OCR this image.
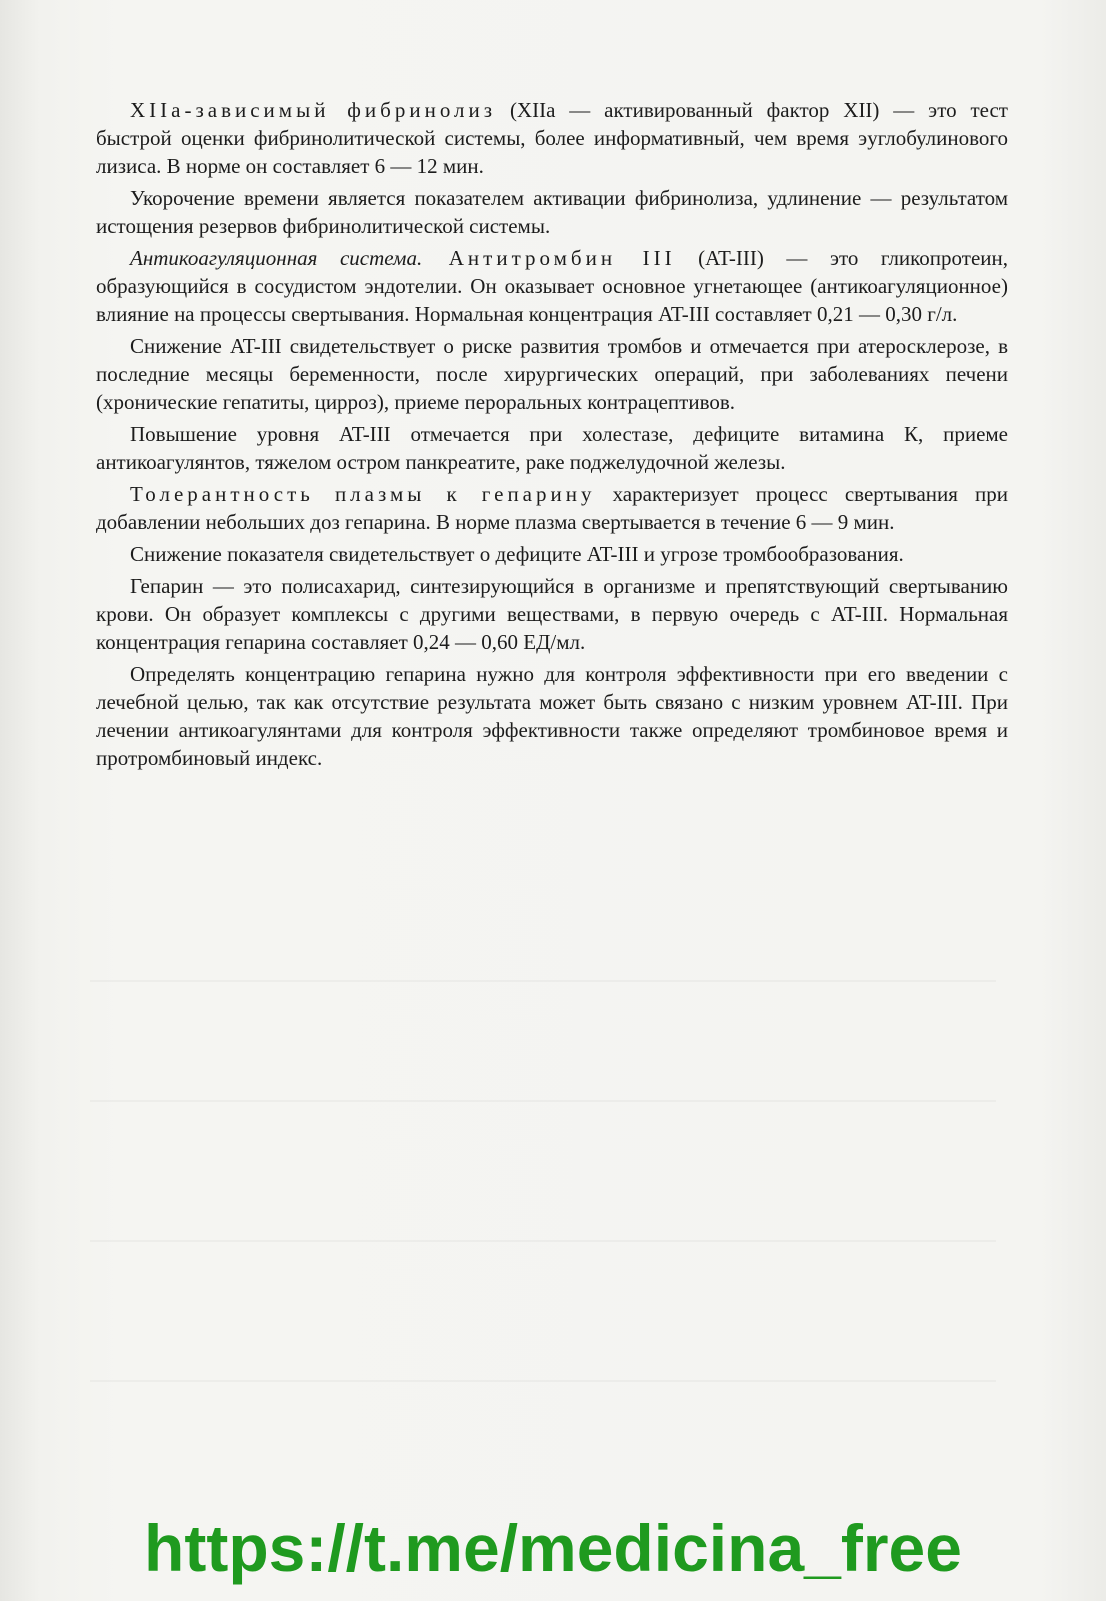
XIIа-зависимый фибринолиз (XIIa — активированный фактор XII) — это тест быстрой оценки фибринолитической системы, более информативный, чем время эуглобулинового лизиса. В норме он составляет 6 — 12 мин.

Укорочение времени является показателем активации фибринолиза, удлинение — результатом истощения резервов фибринолитической системы.

Антикоагуляционная система. Антитромбин III (AT-III) — это гликопротеин, образующийся в сосудистом эндотелии. Он оказывает основное угнетающее (антикоагуляционное) влияние на процессы свертывания. Нормальная концентрация AT-III составляет 0,21 — 0,30 г/л.

Снижение AT-III свидетельствует о риске развития тромбов и отмечается при атеросклерозе, в последние месяцы беременности, после хирургических операций, при заболеваниях печени (хронические гепатиты, цирроз), приеме пероральных контрацептивов.

Повышение уровня AT-III отмечается при холестазе, дефиците витамина К, приеме антикоагулянтов, тяжелом остром панкреатите, раке поджелудочной железы.

Толерантность плазмы к гепарину характеризует процесс свертывания при добавлении небольших доз гепарина. В норме плазма свертывается в течение 6 — 9 мин.

Снижение показателя свидетельствует о дефиците AT-III и угрозе тромбообразования.

Гепарин — это полисахарид, синтезирующийся в организме и препятствующий свертыванию крови. Он образует комплексы с другими веществами, в первую очередь с AT-III. Нормальная концентрация гепарина составляет 0,24 — 0,60 ЕД/мл.

Определять концентрацию гепарина нужно для контроля эффективности при его введении с лечебной целью, так как отсутствие результата может быть связано с низким уровнем AT-III. При лечении антикоагулянтами для контроля эффективности также определяют тромбиновое время и протромбиновый индекс.

https://t.me/medicina_free
